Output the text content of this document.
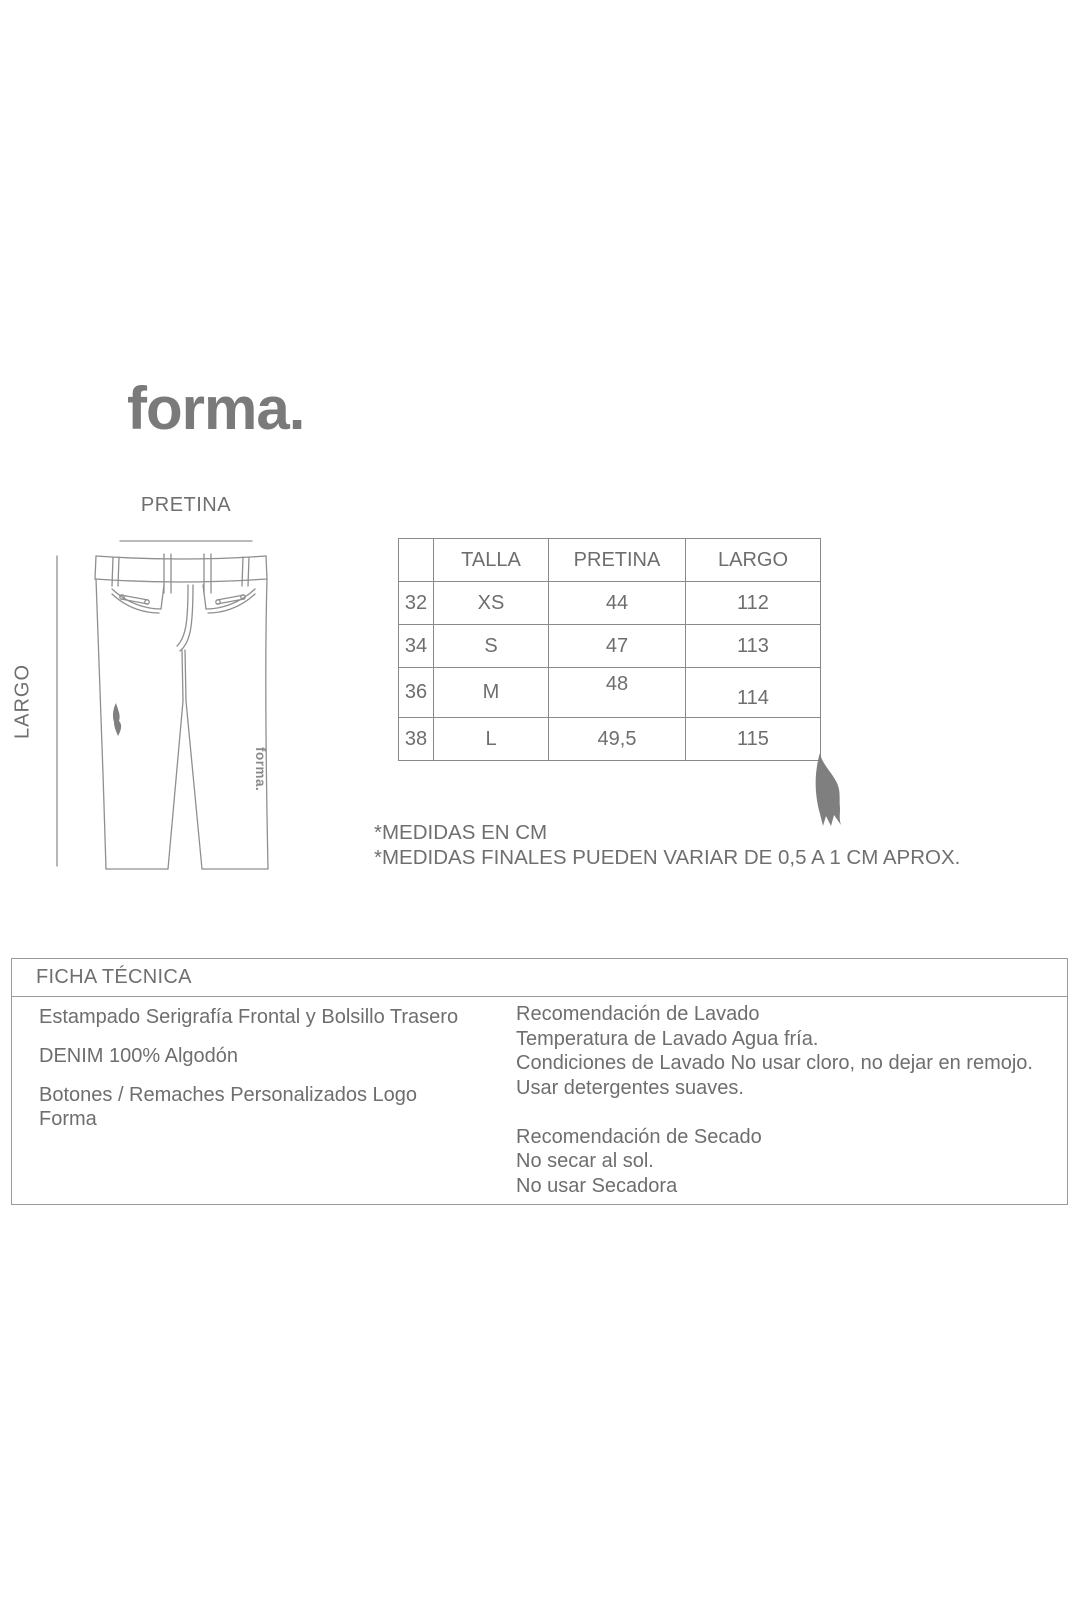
forma.
PRETINA
LARGO
forma.
	TALLA	PRETINA	LARGO
32	XS	44	112
34	S	47	113
36	M	48	114
38	L	49,5	115
*MEDIDAS EN CM
*MEDIDAS FINALES PUEDEN VARIAR DE 0,5 A 1 CM APROX.
FICHA TÉCNICA
Estampado Serigrafía Frontal y Bolsillo Trasero
DENIM 100% Algodón
Botones / Remaches Personalizados Logo
Forma
Recomendación de Lavado
Temperatura de Lavado Agua fría.
Condiciones de Lavado No usar cloro, no dejar en remojo.
Usar detergentes suaves.
Recomendación de Secado
No secar al sol.
No usar Secadora
